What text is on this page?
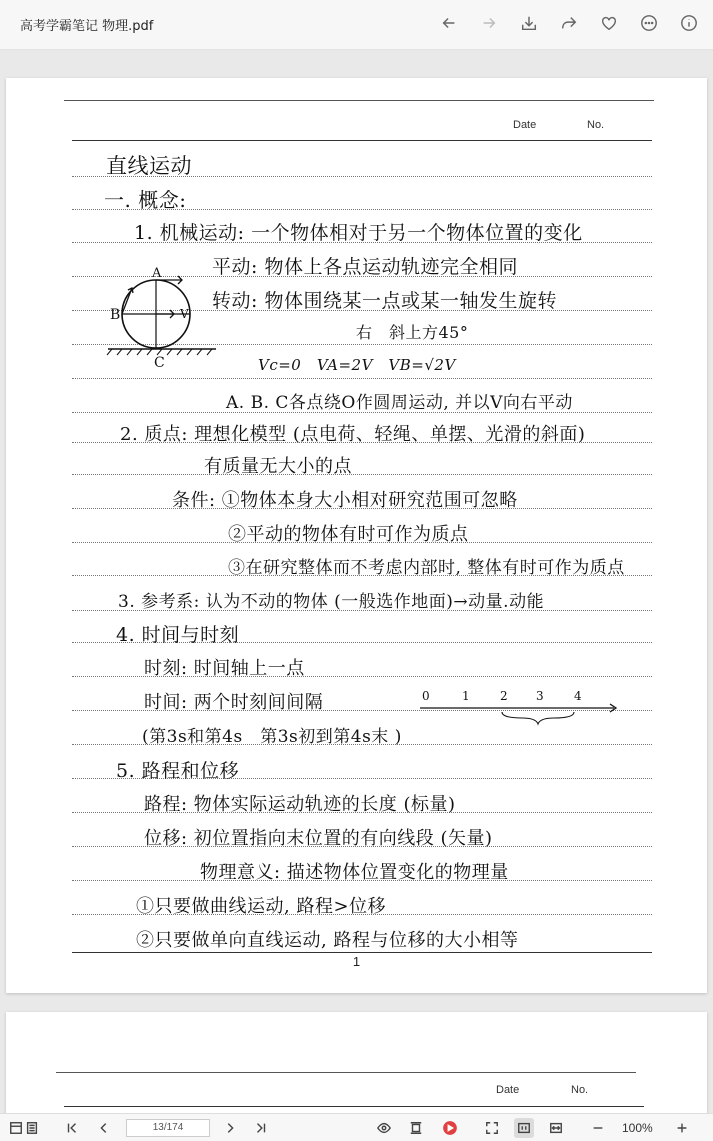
高考学霸笔记 物理.pdf
Date	No.
直线运动
一. 概念:
1. 机械运动: 一个物体相对于另一个物体位置的变化
平动: 物体上各点运动轨迹完全相同
转动: 物体围绕某一点或某一轴发生旋转
右　斜上方45°
Vc=0　VA=2V　VB=√2V
A. B. C各点绕O作圆周运动, 并以V向右平动
2. 质点: 理想化模型 (点电荷、轻绳、单摆、光滑的斜面)
有质量无大小的点
条件: ①物体本身大小相对研究范围可忽略
②平动的物体有时可作为质点
③在研究整体而不考虑内部时, 整体有时可作为质点
3. 参考系: 认为不动的物体 (一般选作地面)→动量.动能
4. 时间与时刻
时刻: 时间轴上一点
时间: 两个时刻间间隔
(第3s和第4s　第3s初到第4s末 )
5. 路程和位移
路程: 物体实际运动轨迹的长度 (标量)
位移: 初位置指向末位置的有向线段 (矢量)
物理意义: 描述物体位置变化的物理量
①只要做曲线运动, 路程>位移
②只要做单向直线运动, 路程与位移的大小相等
A
B
C
V
0	1 2 3 4
1
Date	No.
13/174	100%
